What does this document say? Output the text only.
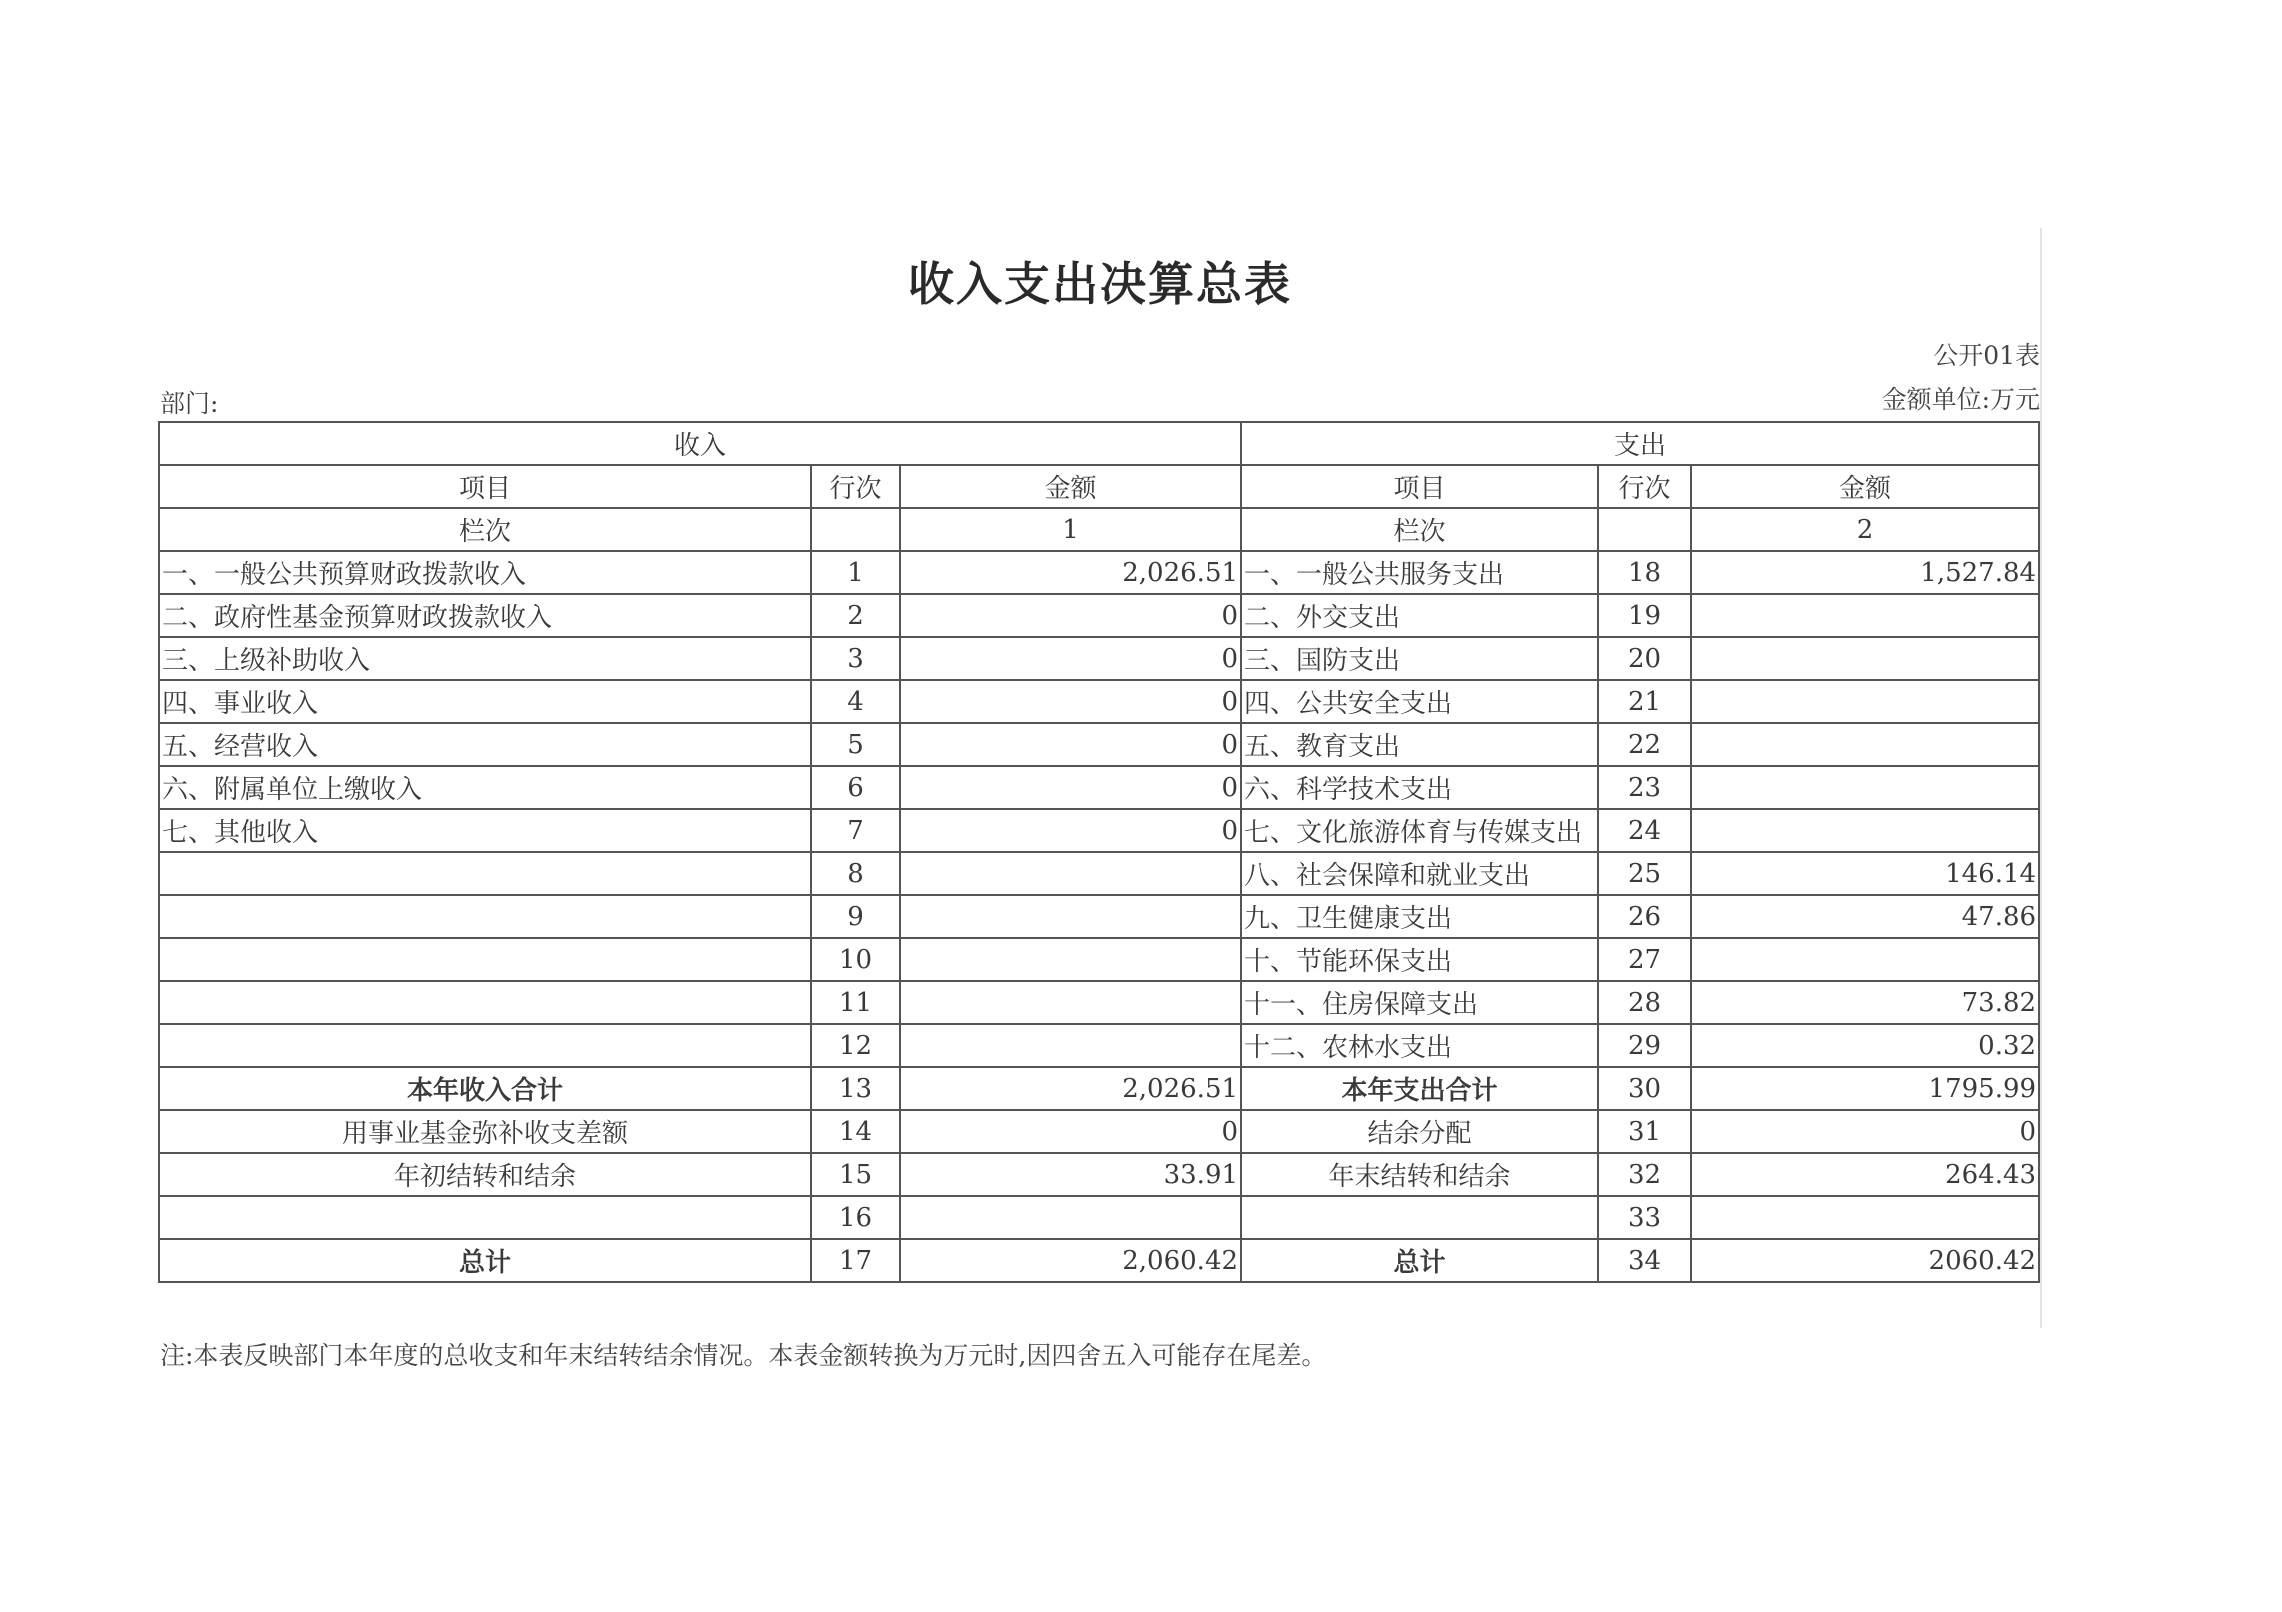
收入支出决算总表
公开01表
部门:	金额单位:万元
收入			支出		
项目	行次	金额	项目	行次	金额
栏次		1	栏次		2
一、一般公共预算财政拨款收入	1	2,026.51	一、一般公共服务支出	18	1,527.84
二、政府性基金预算财政拨款收入	2	0	二、外交支出	19	
三、上级补助收入	3	0	三、国防支出	20	
四、事业收入	4	0	四、公共安全支出	21	
五、经营收入	5	0	五、教育支出	22	
六、附属单位上缴收入	6	0	六、科学技术支出	23	
七、其他收入	7	0	七、文化旅游体育与传媒支出	24	
	8		八、社会保障和就业支出	25	146.14
	9		九、卫生健康支出	26	47.86
	10		十、节能环保支出	27	
	11		十一、住房保障支出	28	73.82
	12		十二、农林水支出	29	0.32
本年收入合计	13	2,026.51	本年支出合计	30	1795.99
用事业基金弥补收支差额	14	0	结余分配	31	0
年初结转和结余	15	33.91	年末结转和结余	32	264.43
	16			33	
总计	17	2,060.42	总计	34	2060.42
注:本表反映部门本年度的总收支和年末结转结余情况。本表金额转换为万元时,因四舍五入可能存在尾差。
